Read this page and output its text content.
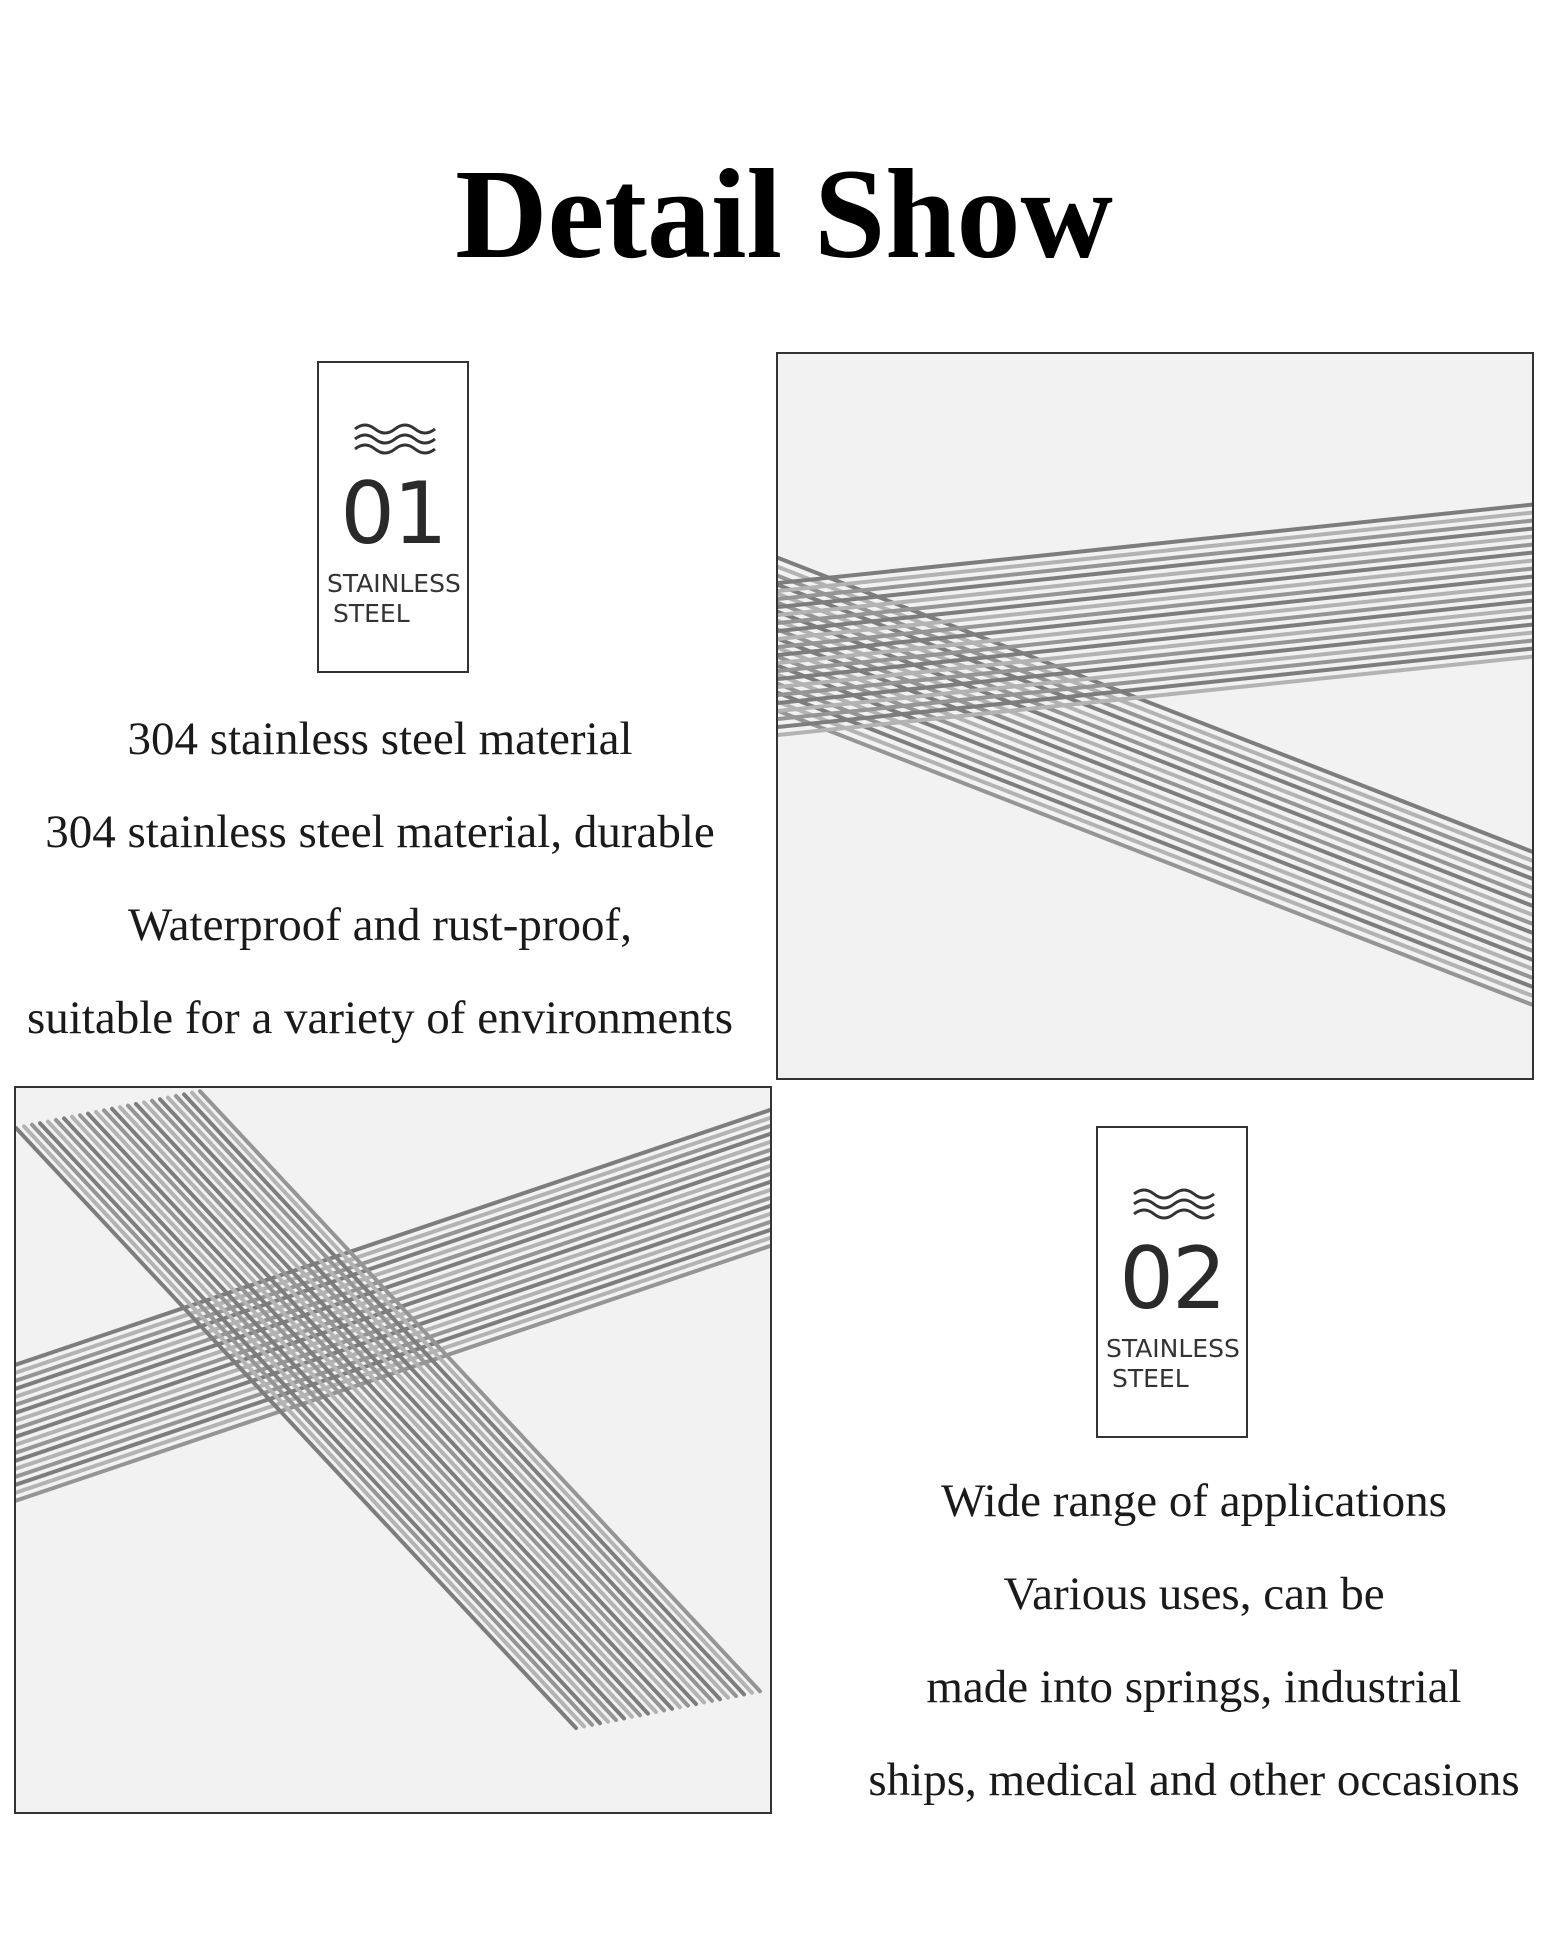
Detail Show
01
STAINLESS
STEEL
304 stainless steel material
304 stainless steel material, durable
Waterproof and rust-proof,
suitable for a variety of environments
02
STAINLESS
STEEL
Wide range of applications
Various uses, can be
made into springs, industrial
ships, medical and other occasions
